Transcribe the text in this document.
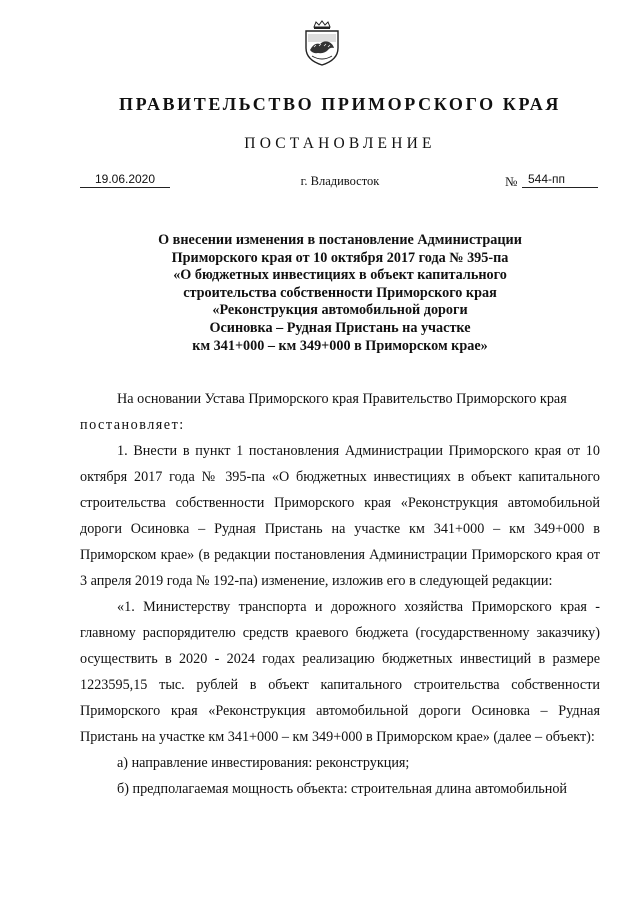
ПРАВИТЕЛЬСТВО ПРИМОРСКОГО КРАЯ
ПОСТАНОВЛЕНИЕ
19.06.2020	г. Владивосток	№ 544-пп
О внесении изменения в постановление Администрации
Приморского края от 10 октября 2017 года № 395-па
«О бюджетных инвестициях в объект капитального
строительства собственности Приморского края
«Реконструкция автомобильной дороги
Осиновка – Рудная Пристань на участке
км 341+000 – км 349+000 в Приморском крае»

На основании Устава Приморского края Правительство Приморского края

постановляет:

1. Внести в пункт 1 постановления Администрации Приморского края от 10 октября 2017 года № 395-па «О бюджетных инвестициях в объект капитального строительства собственности Приморского края «Реконструкция автомобильной дороги Осиновка – Рудная Пристань на участке км 341+000 – км 349+000 в Приморском крае» (в редакции постановления Администрации Приморского края от 3 апреля 2019 года № 192-па) изменение, изложив его в следующей редакции:

«1. Министерству транспорта и дорожного хозяйства Приморского края - главному распорядителю средств краевого бюджета (государственному заказчику) осуществить в 2020 - 2024 годах реализацию бюджетных инвестиций в размере 1223595,15 тыс. рублей в объект капитального строительства собственности Приморского края «Реконструкция автомобильной дороги Осиновка – Рудная Пристань на участке км 341+000 – км 349+000 в Приморском крае» (далее – объект):

а) направление инвестирования: реконструкция;

б) предполагаемая мощность объекта: строительная длина автомобильной
